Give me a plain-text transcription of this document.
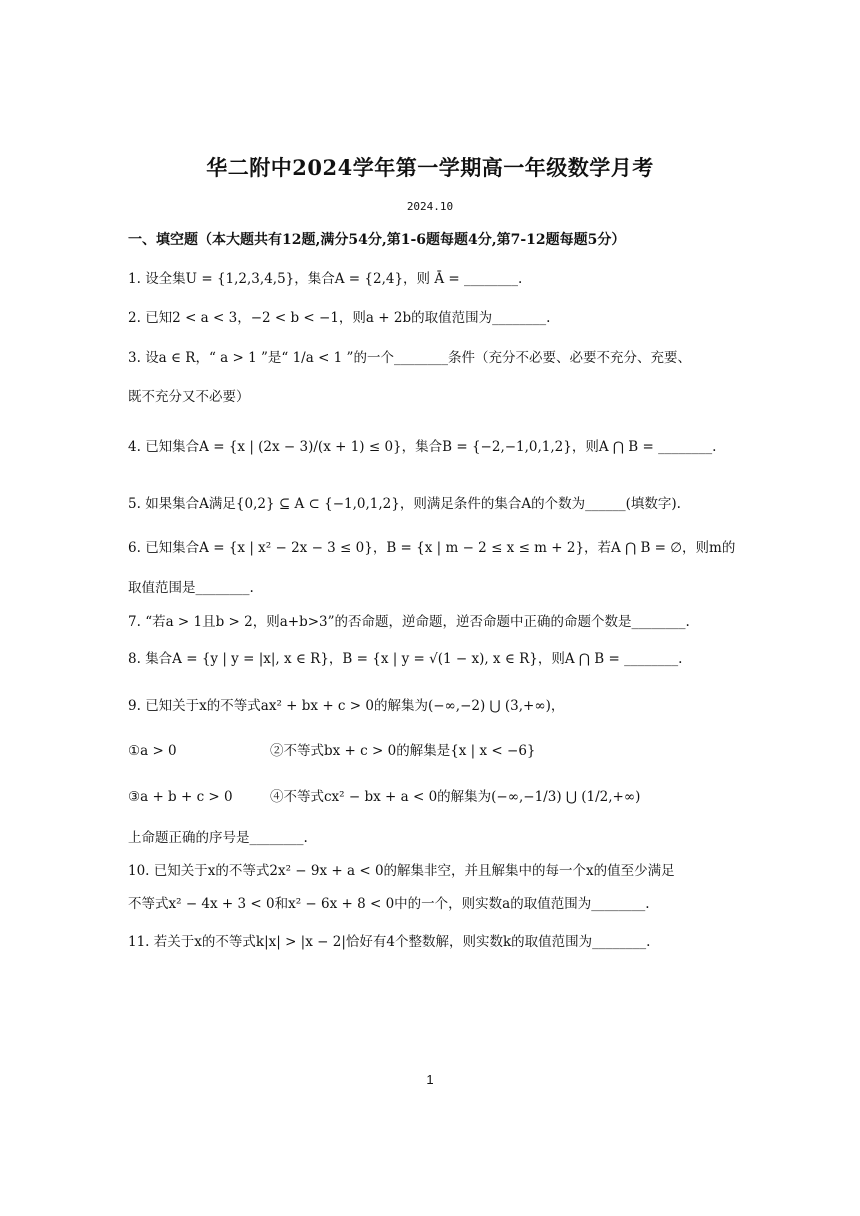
华二附中2024学年第一学期高一年级数学月考
2024.10
一、填空题（本大题共有12题,满分54分,第1-6题每题4分,第7-12题每题5分）
1. 设全集U = {1,2,3,4,5}，集合A = {2,4}，则 Ā = ________.
2. 已知2 < a < 3，−2 < b < −1，则a + 2b的取值范围为________.
3. 设a ∈ R，“ a > 1 ”是“ 1/a < 1 ”的一个________条件（充分不必要、必要不充分、充要、
既不充分又不必要）
4. 已知集合A = {x | (2x − 3)/(x + 1) ≤ 0}，集合B = {−2,−1,0,1,2}，则A ⋂ B = ________.
5. 如果集合A满足{0,2} ⊆ A ⊂ {−1,0,1,2}，则满足条件的集合A的个数为______(填数字).
6. 已知集合A = {x | x² − 2x − 3 ≤ 0}，B = {x | m − 2 ≤ x ≤ m + 2}，若A ⋂ B = ∅，则m的
取值范围是________.
7. “若a > 1且b > 2，则a+b>3”的否命题，逆命题，逆否命题中正确的命题个数是________.
8. 集合A = {y | y = |x|, x ∈ R}，B = {x | y = √(1 − x), x ∈ R}，则A ⋂ B = ________.
9. 已知关于x的不等式ax² + bx + c > 0的解集为(−∞,−2) ⋃ (3,+∞)，
①a > 0	②不等式bx + c > 0的解集是{x | x < −6}
③a + b + c > 0	④不等式cx² − bx + a < 0的解集为(−∞,−1/3) ⋃ (1/2,+∞)
上命题正确的序号是________.
10. 已知关于x的不等式2x² − 9x + a < 0的解集非空，并且解集中的每一个x的值至少满足
不等式x² − 4x + 3 < 0和x² − 6x + 8 < 0中的一个，则实数a的取值范围为________.
11. 若关于x的不等式k|x| > |x − 2|恰好有4个整数解，则实数k的取值范围为________.
1
